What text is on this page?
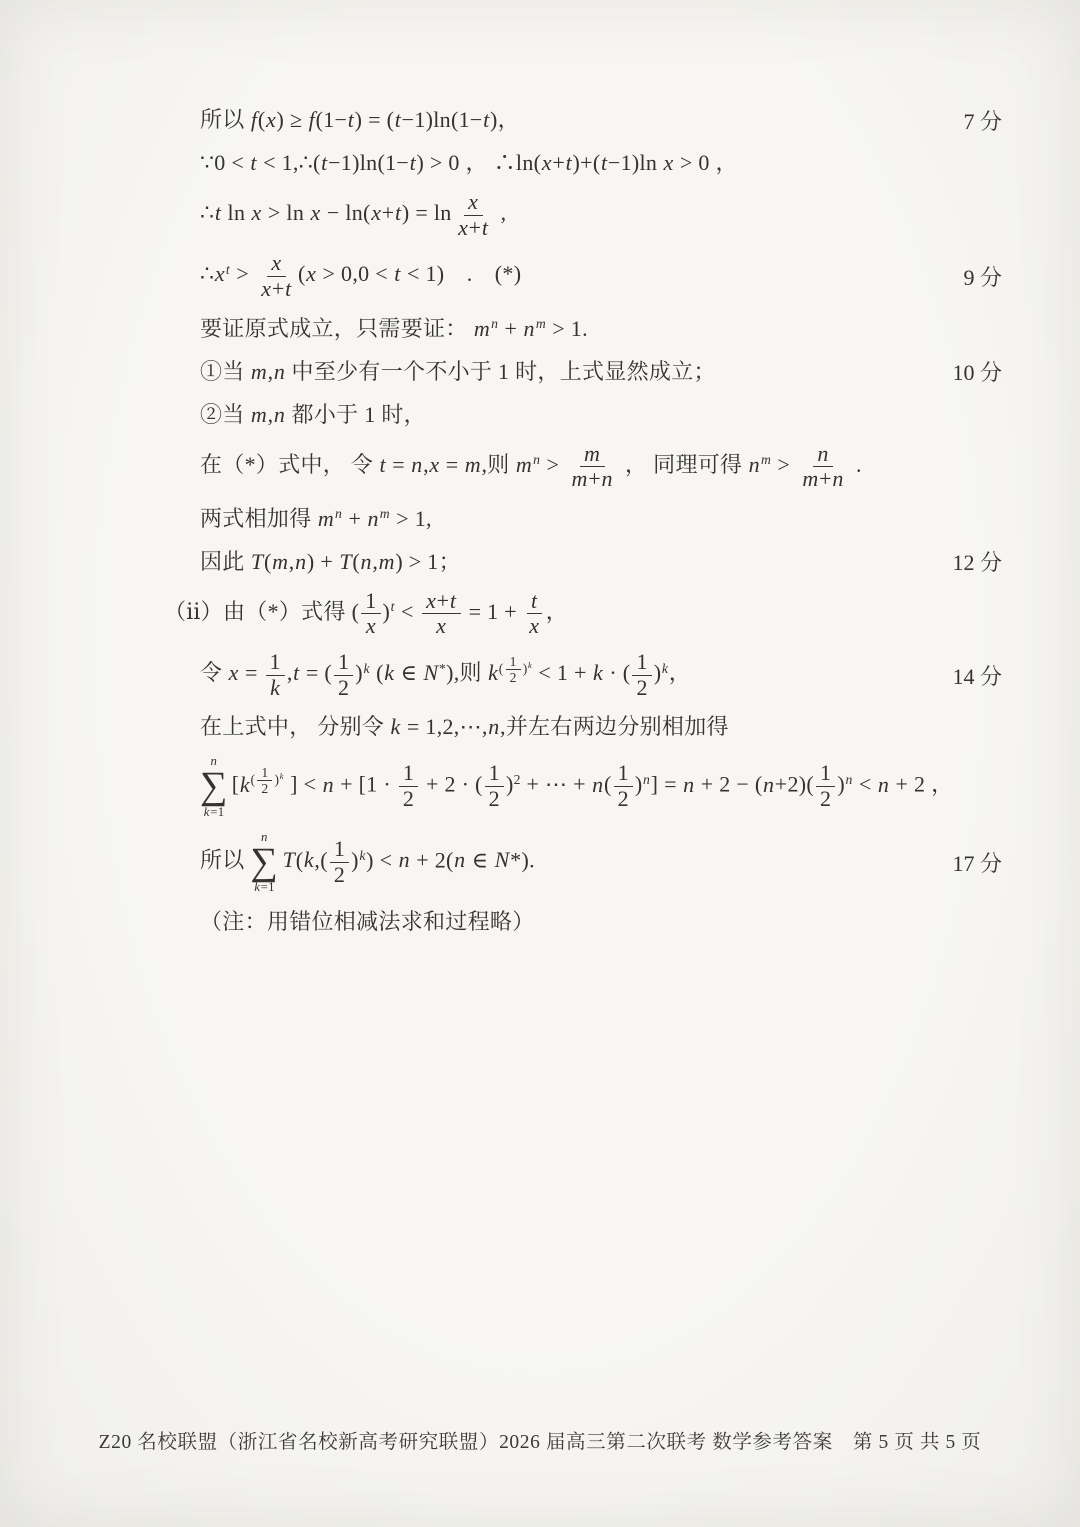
所以 f(x) ≥ f(1−t) = (t−1)ln(1−t)，	7 分
∵0 < t < 1,∴(t−1)ln(1−t) > 0 ， ∴ln(x+t)+(t−1)ln x > 0 ，
∴t $\ln x > \ln x - \ln(x+t) = \ln \frac{x}{x+t}$ ,
$\therefore x^t > \frac{x}{x+t} (x > 0,0 < t < 1)$　.　(*)	9 分
要证原式成立，只需要证： $m^n + n^m > 1$.
①当 m,n 中至少有一个不小于 1 时，上式显然成立；	10 分
②当 m,n 都小于 1 时，
在（*）式中， 令 t = n,x = m,则 $m^n > \frac{m}{m+n}$ ， 同理可得 $n^m > \frac{n}{m+n}$ .
两式相加得 $m^n + n^m > 1$,
因此 T(m,n) + T(n,m) > 1；	12 分
（ⅱ）由（*）式得 ( $\frac{1}{x} )^t < \frac{x+t}{x} = 1 + \frac{t}{x}$ ，
令 $x = \frac{1}{k} ,t$ = ( $\frac{1}{2} )^k$ (k ∈ N*),则 $k^{( \frac{1}{2} )^k} < 1 + k$ · ( $\frac{1}{2} )^k$，	14 分
在上式中， 分别令 k = 1,2,⋯,n,并左右两边分别相加得
n
∑
k=1
[$k^{( \frac{1}{2} )^k}$ ] < $n + [1 \cdot \frac{1}{2} + 2$ · ( $\frac{1}{2} )^2$ + ⋯ + $n( \frac{1}{2} )^n] = n + 2 - (n+2)( \frac{1}{2} )^n < n + 2$ ，
所以
n
∑
k=1
$T(k,( \frac{1}{2} )^k) < n + 2(n$ ∈ N*).	17 分
（注：用错位相减法求和过程略）
Z20 名校联盟（浙江省名校新高考研究联盟）2026 届高三第二次联考 数学参考答案　第 5 页 共 5 页
